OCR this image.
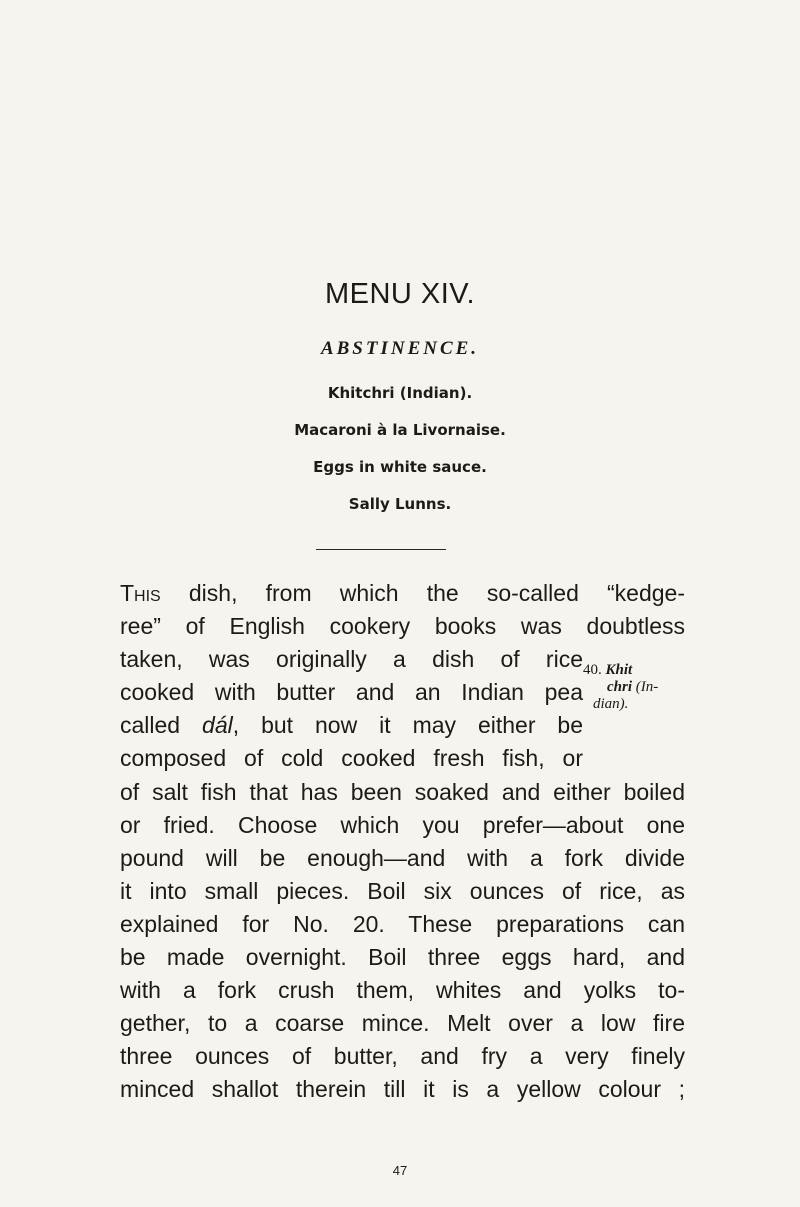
MENU XIV.
ABSTINENCE.
Khitchri (Indian).
Macaroni à la Livornaise.
Eggs in white sauce.
Sally Lunns.
This dish, from which the so-called “kedge-
ree” of English cookery books was doubtless
taken, was originally a dish of rice
cooked with butter and an Indian pea
called dál, but now it may either be
composed of cold cooked fresh fish, or
of salt fish that has been soaked and either boiled
or fried. Choose which you prefer—about one
pound will be enough—and with a fork divide
it into small pieces. Boil six ounces of rice, as
explained for No. 20. These preparations can
be made overnight. Boil three eggs hard, and
with a fork crush them, whites and yolks to-
gether, to a coarse mince. Melt over a low fire
three ounces of butter, and fry a very finely
minced shallot therein till it is a yellow colour ;
40. Khit
chri (In-
dian).
47
